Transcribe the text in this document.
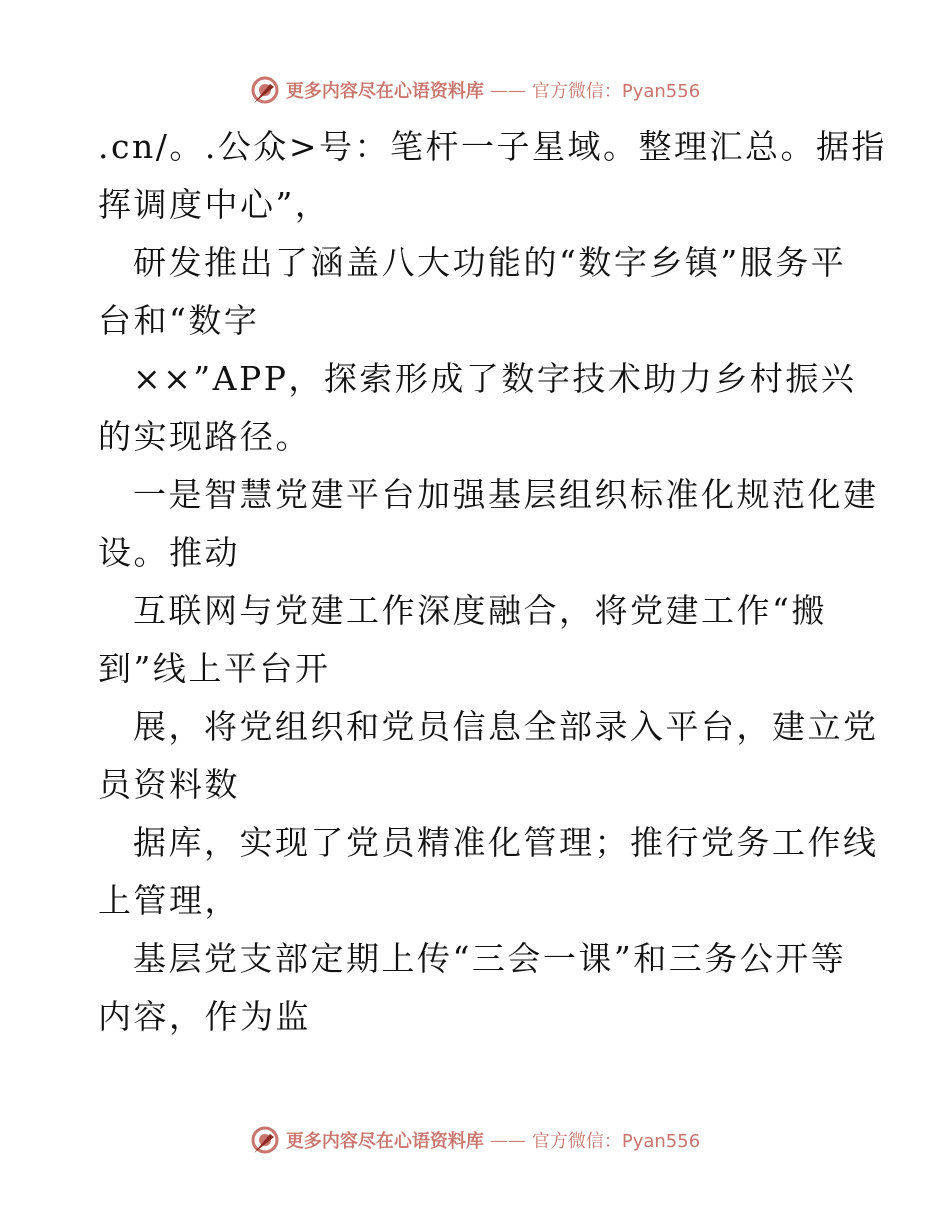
更多内容尽在心语资料库 —— 官方微信：Pyan556
.cn/。.公众>号：笔杆一子星域。整理汇总。据指
挥调度中心”，
研发推出了涵盖八大功能的“数字乡镇”服务平
台和“数字
××”APP，探索形成了数字技术助力乡村振兴
的实现路径。
一是智慧党建平台加强基层组织标准化规范化建
设。推动
互联网与党建工作深度融合，将党建工作“搬
到”线上平台开
展，将党组织和党员信息全部录入平台，建立党
员资料数
据库，实现了党员精准化管理；推行党务工作线
上管理，
基层党支部定期上传“三会一课”和三务公开等
内容，作为监
更多内容尽在心语资料库 —— 官方微信：Pyan556
